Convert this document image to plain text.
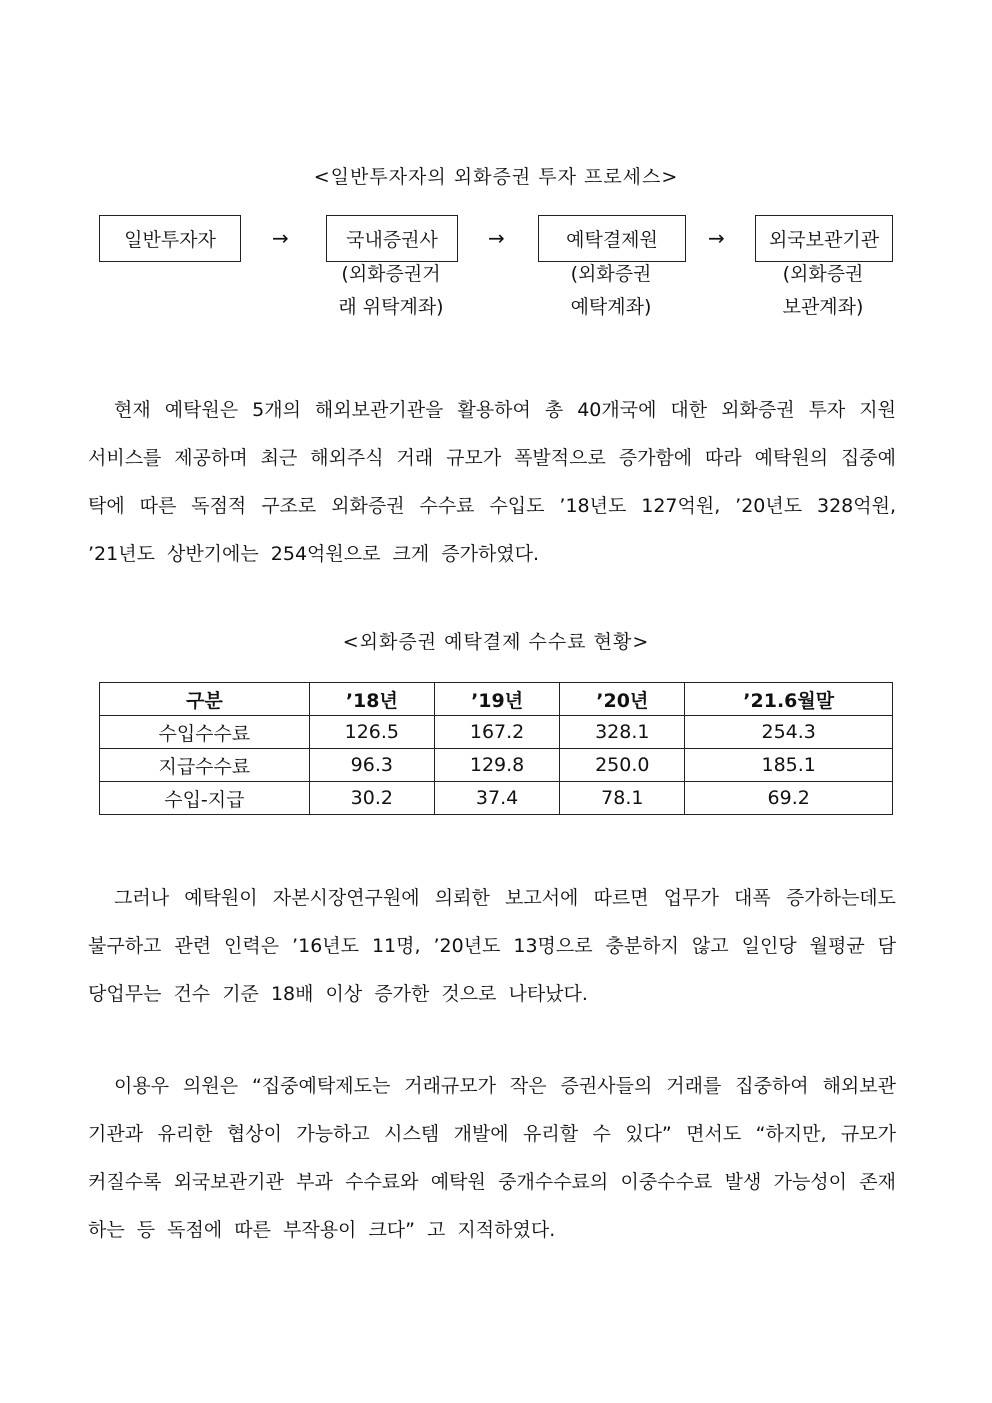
<일반투자자의 외화증권 투자 프로세스>
일반투자자	→	국내증권사	→	예탁결제원	→	외국보관기관
(외화증권거
래 위탁계좌)
(외화증권
예탁계좌)
(외화증권
보관계좌)
현재 예탁원은 5개의 해외보관기관을 활용하여 총 40개국에 대한 외화증권 투자 지원 서비스를 제공하며 최근 해외주식 거래 규모가 폭발적으로 증가함에 따라 예탁원의 집중예탁에 따른 독점적 구조로 외화증권 수수료 수입도 ’18년도 127억원, ’20년도 328억원, ’21년도 상반기에는 254억원으로 크게 증가하였다.
<외화증권 예탁결제 수수료 현황>
구분	’18년	’19년	’20년	’21.6월말
수입수수료	126.5	167.2	328.1	254.3
지급수수료	96.3	129.8	250.0	185.1
수입-지급	30.2	37.4	78.1	69.2
그러나 예탁원이 자본시장연구원에 의뢰한 보고서에 따르면 업무가 대폭 증가하는데도 불구하고 관련 인력은 ’16년도 11명, ’20년도 13명으로 충분하지 않고 일인당 월평균 담당업무는 건수 기준 18배 이상 증가한 것으로 나타났다.
이용우 의원은 “집중예탁제도는 거래규모가 작은 증권사들의 거래를 집중하여 해외보관기관과 유리한 협상이 가능하고 시스템 개발에 유리할 수 있다” 면서도 “하지만, 규모가 커질수록 외국보관기관 부과 수수료와 예탁원 중개수수료의 이중수수료 발생 가능성이 존재하는 등 독점에 따른 부작용이 크다” 고 지적하였다.
